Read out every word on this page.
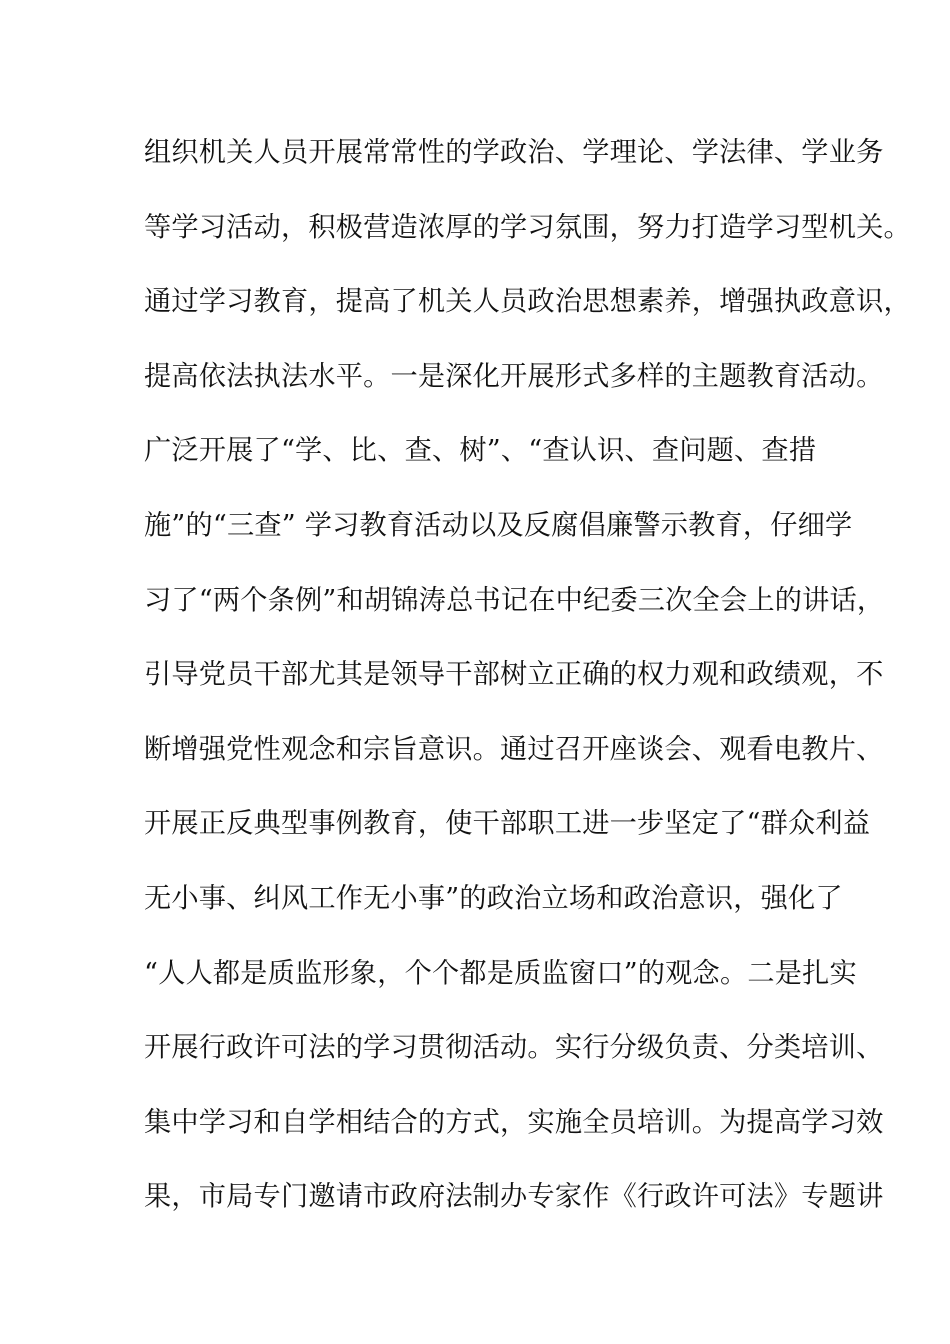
组织机关人员开展常常性的学政治、学理论、学法律、学业务
等学习活动，积极营造浓厚的学习氛围，努力打造学习型机关。
通过学习教育，提高了机关人员政治思想素养，增强执政意识，
提高依法执法水平。一是深化开展形式多样的主题教育活动。
广泛开展了“学、比、查、树”、“查认识、查问题、查措
施”的“三查” 学习教育活动以及反腐倡廉警示教育，仔细学
习了“两个条例”和胡锦涛总书记在中纪委三次全会上的讲话，
引导党员干部尤其是领导干部树立正确的权力观和政绩观，不
断增强党性观念和宗旨意识。通过召开座谈会、观看电教片、
开展正反典型事例教育，使干部职工进一步坚定了“群众利益
无小事、纠风工作无小事”的政治立场和政治意识，强化了
“人人都是质监形象，个个都是质监窗口”的观念。二是扎实
开展行政许可法的学习贯彻活动。实行分级负责、分类培训、
集中学习和自学相结合的方式，实施全员培训。为提高学习效
果，市局专门邀请市政府法制办专家作《行政许可法》专题讲
